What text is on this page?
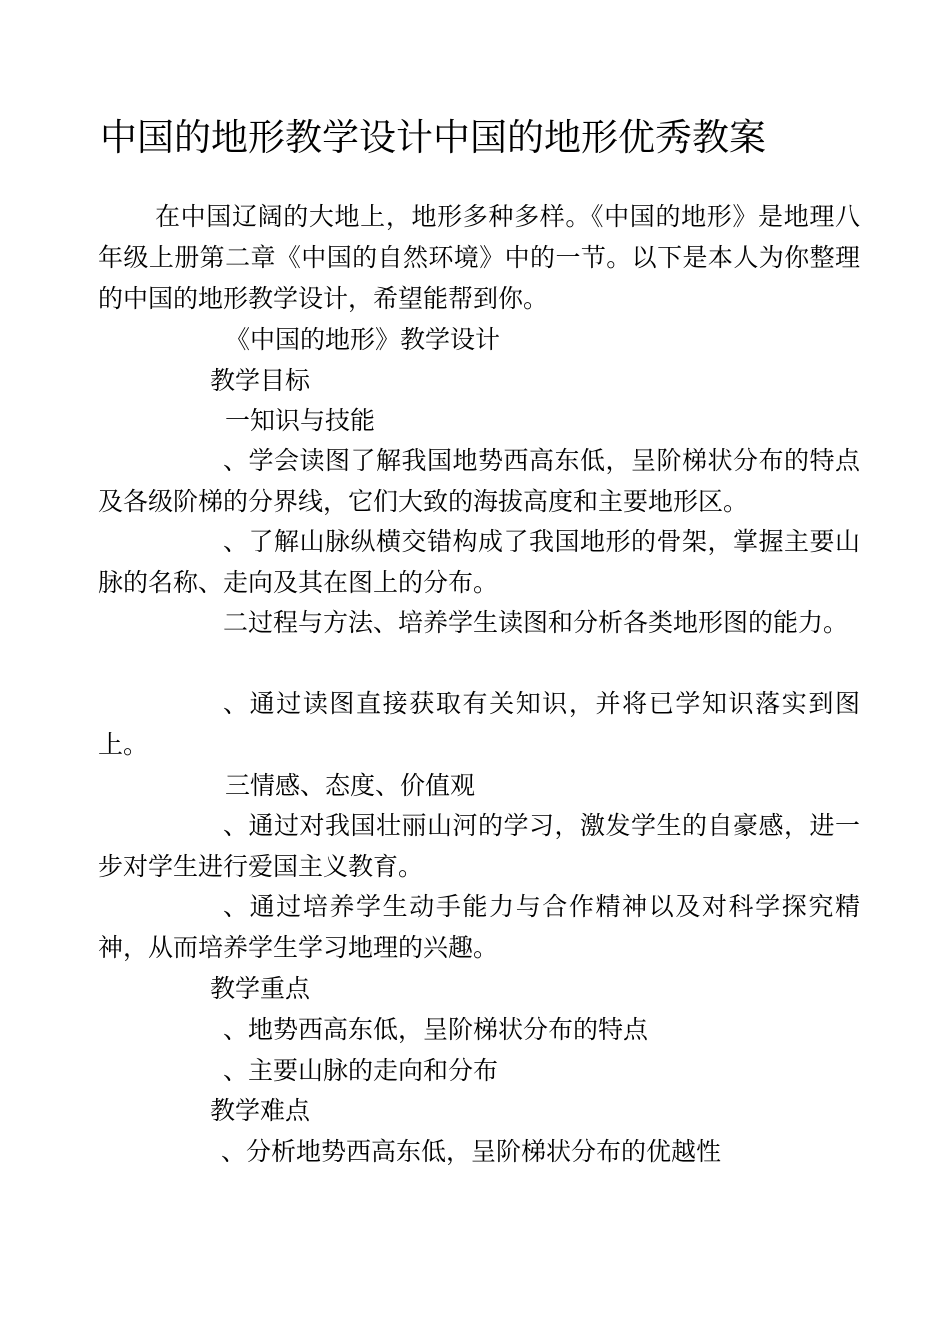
中国的地形教学设计中国的地形优秀教案
在中国辽阔的大地上，地形多种多样。《中国的地形》是地理八年级上册第二章《中国的自然环境》中的一节。以下是本人为你整理的中国的地形教学设计，希望能帮到你。
《中国的地形》教学设计
教学目标
一知识与技能
、学会读图了解我国地势西高东低，呈阶梯状分布的特点及各级阶梯的分界线，它们大致的海拔高度和主要地形区。
、了解山脉纵横交错构成了我国地形的骨架，掌握主要山脉的名称、走向及其在图上的分布。
二过程与方法、培养学生读图和分析各类地形图的能力。
、通过读图直接获取有关知识，并将已学知识落实到图上。
三情感、态度、价值观
、通过对我国壮丽山河的学习，激发学生的自豪感，进一步对学生进行爱国主义教育。
、通过培养学生动手能力与合作精神以及对科学探究精神，从而培养学生学习地理的兴趣。
教学重点
、地势西高东低，呈阶梯状分布的特点
、主要山脉的走向和分布
教学难点
、分析地势西高东低，呈阶梯状分布的优越性
